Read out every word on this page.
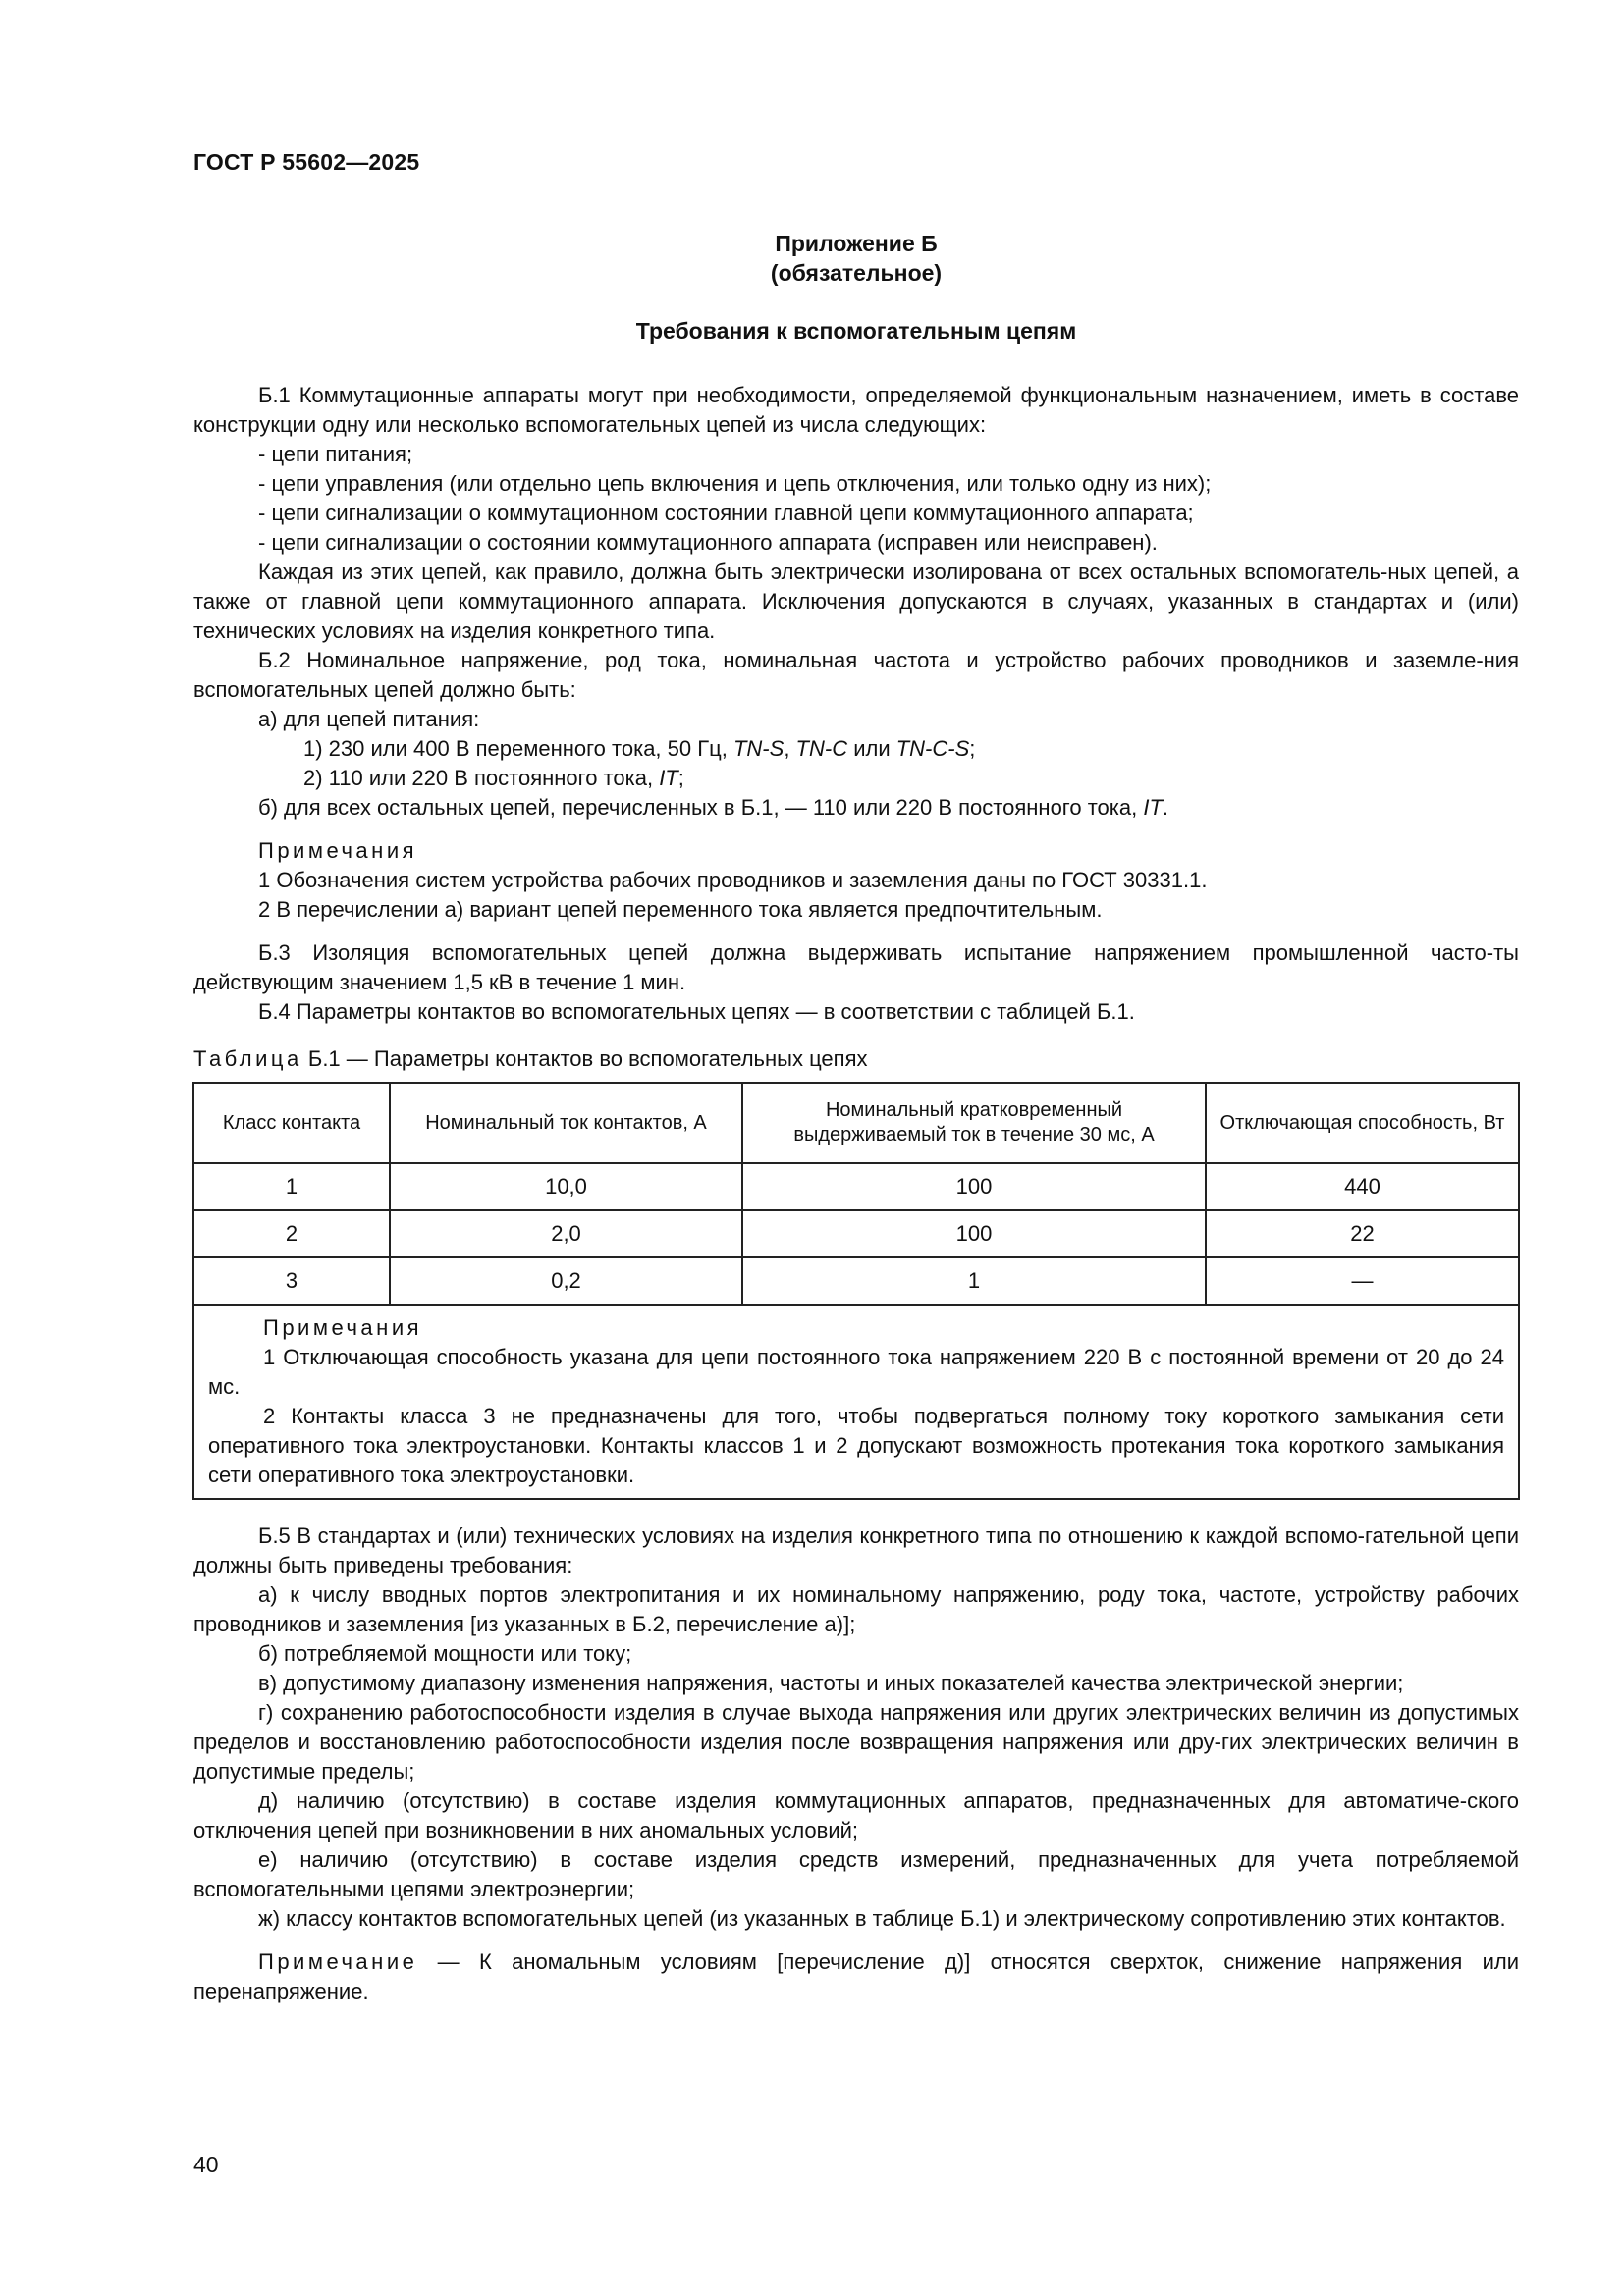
ГОСТ Р 55602—2025
Приложение Б
(обязательное)
Требования к вспомогательным цепям

Б.1 Коммутационные аппараты могут при необходимости, определяемой функциональным назначением, иметь в составе конструкции одну или несколько вспомогательных цепей из числа следующих:

- цепи питания;

- цепи управления (или отдельно цепь включения и цепь отключения, или только одну из них);

- цепи сигнализации о коммутационном состоянии главной цепи коммутационного аппарата;

- цепи сигнализации о состоянии коммутационного аппарата (исправен или неисправен).

Каждая из этих цепей, как правило, должна быть электрически изолирована от всех остальных вспомогатель-ных цепей, а также от главной цепи коммутационного аппарата. Исключения допускаются в случаях, указанных в стандартах и (или) технических условиях на изделия конкретного типа.

Б.2 Номинальное напряжение, род тока, номинальная частота и устройство рабочих проводников и заземле-ния вспомогательных цепей должно быть:

а) для цепей питания:

1) 230 или 400 В переменного тока, 50 Гц, TN-S, TN-C или TN-C-S;

2) 110 или 220 В постоянного тока, IT;

б) для всех остальных цепей, перечисленных в Б.1, — 110 или 220 В постоянного тока, IT.

Примечания

1 Обозначения систем устройства рабочих проводников и заземления даны по ГОСТ 30331.1.

2 В перечислении а) вариант цепей переменного тока является предпочтительным.

Б.3 Изоляция вспомогательных цепей должна выдерживать испытание напряжением промышленной часто-ты действующим значением 1,5 кВ в течение 1 мин.

Б.4 Параметры контактов во вспомогательных цепях — в соответствии с таблицей Б.1.

Таблица Б.1 — Параметры контактов во вспомогательных цепях

Класс контакта	Номинальный ток контактов, А	Номинальный кратковременный выдерживаемый ток в течение 30 мс, А	Отключающая способность, Вт
1	10,0	100	440
2	2,0	100	22
3	0,2	1	—

Примечания

1 Отключающая способность указана для цепи постоянного тока напряжением 220 В с постоянной времени от 20 до 24 мс.

2 Контакты класса 3 не предназначены для того, чтобы подвергаться полному току короткого замыкания сети оперативного тока электроустановки. Контакты классов 1 и 2 допускают возможность протекания тока короткого замыкания сети оперативного тока электроустановки.			

Б.5 В стандартах и (или) технических условиях на изделия конкретного типа по отношению к каждой вспомо-гательной цепи должны быть приведены требования:

а) к числу вводных портов электропитания и их номинальному напряжению, роду тока, частоте, устройству рабочих проводников и заземления [из указанных в Б.2, перечисление а)];

б) потребляемой мощности или току;

в) допустимому диапазону изменения напряжения, частоты и иных показателей качества электрической энергии;

г) сохранению работоспособности изделия в случае выхода напряжения или других электрических величин из допустимых пределов и восстановлению работоспособности изделия после возвращения напряжения или дру-гих электрических величин в допустимые пределы;

д) наличию (отсутствию) в составе изделия коммутационных аппаратов, предназначенных для автоматиче-ского отключения цепей при возникновении в них аномальных условий;

е) наличию (отсутствию) в составе изделия средств измерений, предназначенных для учета потребляемой вспомогательными цепями электроэнергии;

ж) классу контактов вспомогательных цепей (из указанных в таблице Б.1) и электрическому сопротивлению этих контактов.

Примечание — К аномальным условиям [перечисление д)] относятся сверхток, снижение напряжения или перенапряжение.

40
